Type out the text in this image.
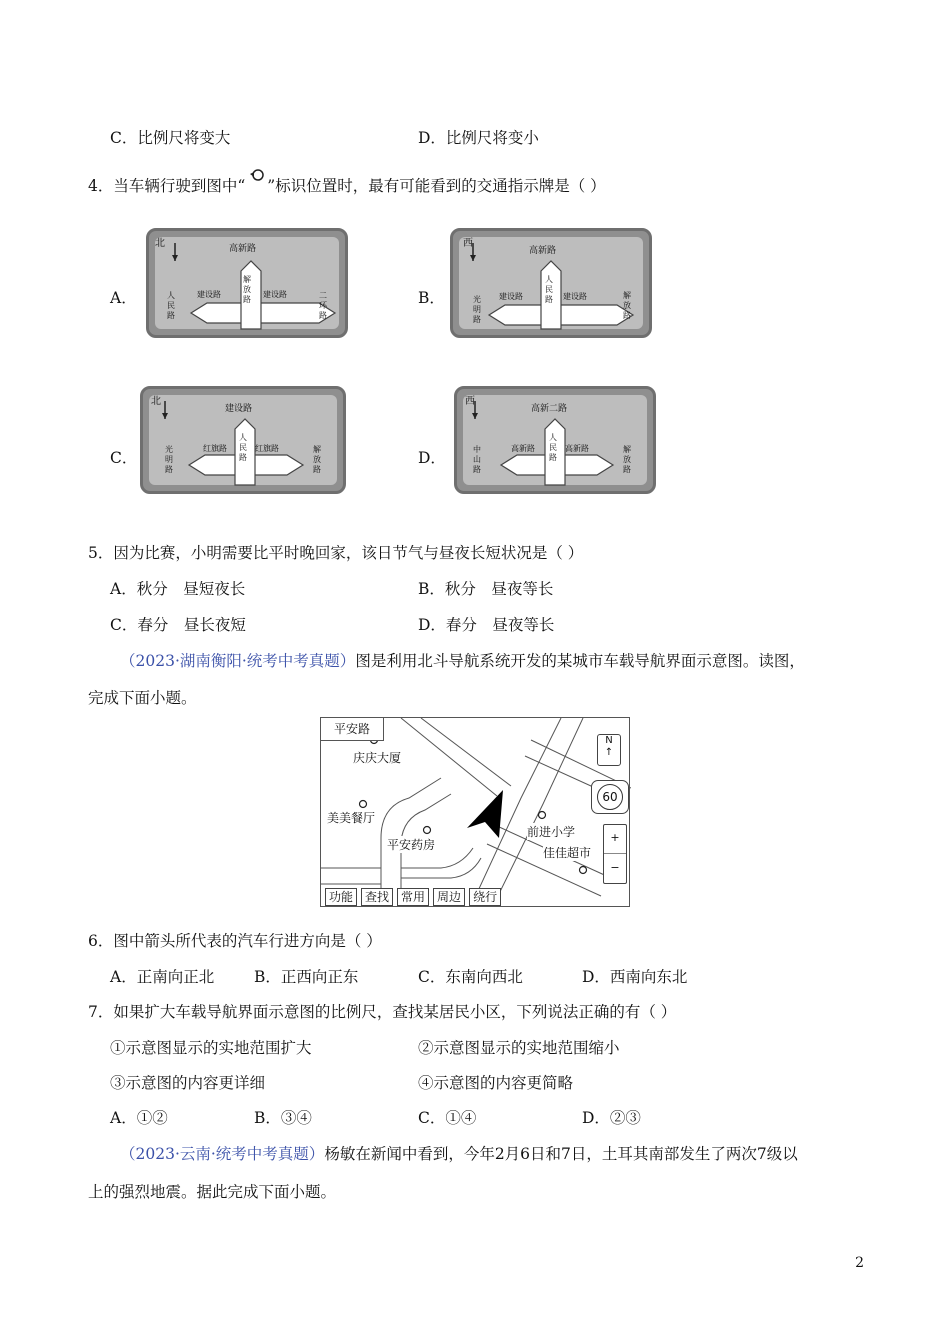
C．比例尺将变大	D．比例尺将变小
4．当车辆行驶到图中“ ”标识位置时，最有可能看到的交通指示牌是（ ）
A．	B．
C．	D．
北	高新路
解放路
建设路	建设路
人民路
二环路
西
高新路
人民路
建设路	建设路
光明路
解放路
北
建设路
人民路
红旗路	红旗路
光明路
解放路
西
高新二路
人民路
高新路	高新路
中山路
解放路
5．因为比赛，小明需要比平时晚回家，该日节气与昼夜长短状况是（ ）
A．秋分　昼短夜长	B．秋分　昼夜等长
C．春分　昼长夜短	D．春分　昼夜等长
（2023·湖南衡阳·统考中考真题）图是利用北斗导航系统开发的某城市车载导航界面示意图。读图，
完成下面小题。
平安路
庆庆大厦
美美餐厅
平安药房
前进小学
佳佳超市
N
↑
60
+
−
功能	查找	常用	周边	绕行
6．图中箭头所代表的汽车行进方向是（ ）
A．正南向正北	B．正西向正东	C．东南向西北	D．西南向东北
7．如果扩大车载导航界面示意图的比例尺，查找某居民小区，下列说法正确的有（ ）
①示意图显示的实地范围扩大	②示意图显示的实地范围缩小
③示意图的内容更详细	④示意图的内容更简略
A．①②	B．③④	C．①④	D．②③
（2023·云南·统考中考真题）杨敏在新闻中看到，今年2月6日和7日，土耳其南部发生了两次7级以
上的强烈地震。据此完成下面小题。
2
